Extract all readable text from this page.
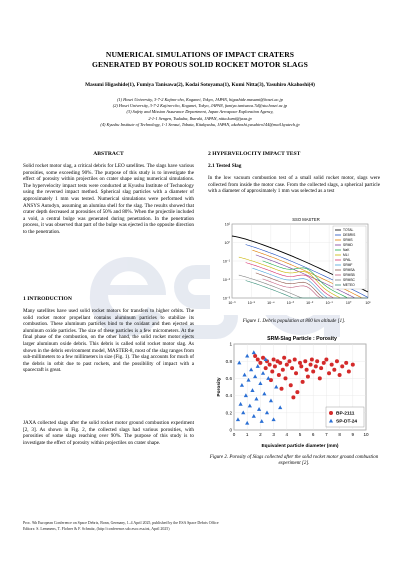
NUMERICAL SIMULATIONS OF IMPACT CRATERS
GENERATED BY POROUS SOLID ROCKET MOTOR SLAGS
Masumi Higashide(1), Fumiya Tanisawa(2), Kodai Sotoyama(1), Kumi Nitta(3), Yasuhiro Akahoshi(4)
(1) Hosei University, 3-7-2 Kajino-cho, Koganei, Tokyo, JAPAN, higashide.masumi@hosei.ac.jp
(2) Hosei University, 3-7-2 Kajino-cho, Koganei, Tokyo, JAPAN, fumiya.tanisawa.7d@stu.hosei.ac.jp
(3) Safety and Mission Assurance Department, Japan Aerospace Exploration Agency,
2-1-1 Sengen, Tsukuba, Ibaraki, JAPAN, nitta.kumi@jaxa.jp
(4) Kyushu Institute of Technology, 1-1 Sensui, Tobata, Kitakyushu, JAPAN, akahoshi.yasuhiro144@mail.kyutech.jp
ABSTRACT
Solid rocket motor slag, a critical debris for LEO satellites. The slags have various porosities, some exceeding 90%. The purpose of this study is to investigate the effect of porosity within projectiles on crater shape using numerical simulations. The hypervelocity impact tests were conducted at Kyushu Institute of Technology using the reversed impact method. Spherical slag particles with a diameter of approximately 1 mm was tested. Numerical simulations were performed with ANSYS Autodyn, assuming an alumina shell for the slag. The results showed that crater depth decreased at porosities of 50% and 80%. When the projectile included a void, a central bulge was generated during penetration. In the penetration process, it was observed that part of the bulge was ejected in the opposite direction to the penetration.
1 INTRODUCTION
Many satellites have used solid rocket motors for transfers to higher orbits. The solid rocket motor propellant contains aluminum particles to stabilize its combustion. These aluminum particles bind to the oxidant and then ejected as aluminum oxide particles. The size of these particles is a few micrometers. At the final phase of the combustion, on the other hand, the solid rocket motor ejects larger aluminum oxide debris. This debris is called solid rocket motor slag. As shown in the debris environment model, MASTER-8, most of the slag ranges from sub-millimeters to a few millimeters in size (Fig. 1). The slag accounts for much of the debris in orbit due to past rockets, and the possibility of impact with a spacecraft is great.
JAXA collected slags after the solid rocket motor ground combustion experiment [2, 3]. As shown in Fig. 2, the collected slags had various porosities, with porosities of some slags reaching over 90%. The purpose of this study is to investigate the effect of porosity within projectiles on crater shape.
2 HYPERVELOCITY IMPACT TEST
2.1 Tested Slag
In the low vacuum combustion test of a small solid rocket motor, slags were collected from inside the motor case. From the collected slags, a spherical particle with a diameter of approximately 1 mm was selected as a test
SSO MASTER
TOTAL
DEBRIS
SRMS
SRMD
NaK
MLI
SPAL
SRMF
SRMSA
SRMSB
SRMSC
METEO
10⁻⁶	10⁻⁵	10⁻⁴	10⁻³	10⁻²	10⁻¹	10⁰	10¹
10¹
10⁰
10⁻¹
10⁻²
10⁻³
Figure 1. Debris population at 800 km altitude [1].
SRM-Slag Particle : Porosity
0 1 2 3 4 5 6 7 8 9 10
0
0.2
0.4
0.6
0.8
1
Equivalent particle diameter (mm)
Porosity
BP-2111
SP-DT-24
Figure 2. Porosity of Slags collected after the solid rocket motor ground combustion experiment [2].
Proc. 9th European Conference on Space Debris, Bonn, Germany, 1–4 April 2025, published by the ESA Space Debris Office
Editors: S. Lemmens, T. Flohrer & F. Schmitz, (http://conference.sdo.esoc.esa.int, April 2025)
